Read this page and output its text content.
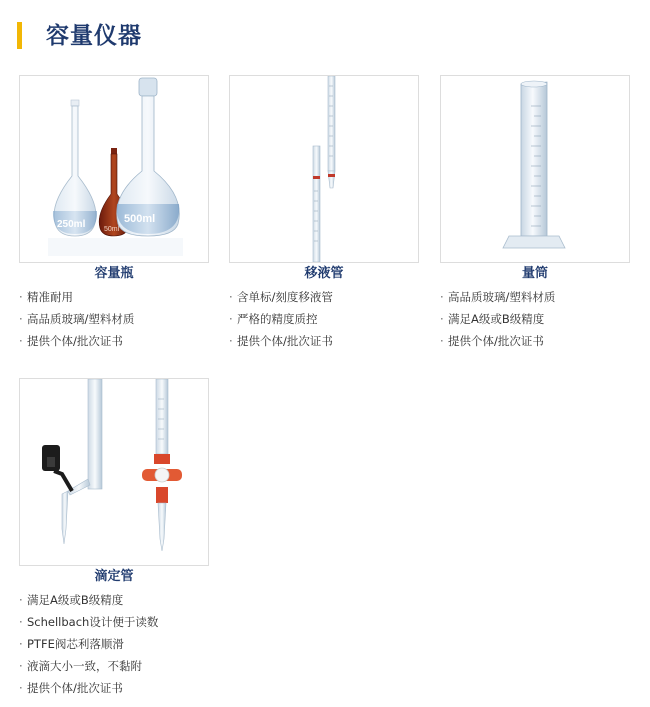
容量仪器
250ml	50ml
500ml
容量瓶
· 精准耐用
· 高品质玻璃/塑料材质
· 提供个体/批次证书
移液管
· 含单标/刻度移液管
· 严格的精度质控
· 提供个体/批次证书
量筒
· 高品质玻璃/塑料材质
· 满足A级或B级精度
· 提供个体/批次证书
滴定管
· 满足A级或B级精度
· Schellbach设计便于读数
· PTFE阀芯利落顺滑
· 液滴大小一致，不黏附
· 提供个体/批次证书
